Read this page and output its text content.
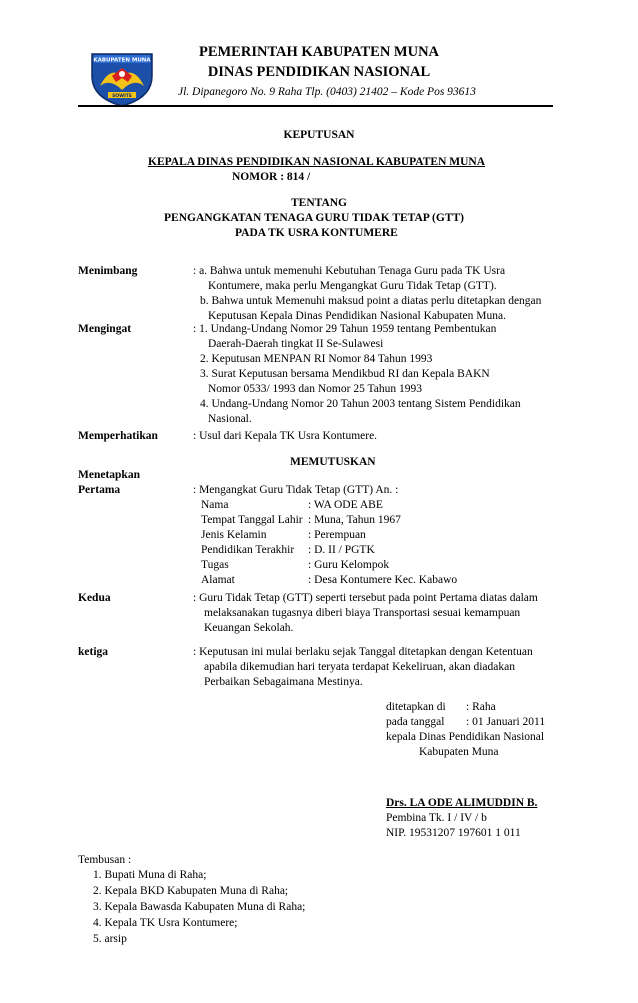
KABUPATEN MUNA
SOWITE
PEMERINTAH KABUPATEN MUNA
DINAS PENDIDIKAN NASIONAL
Jl. Dipanegoro No. 9 Raha Tlp. (0403) 21402 – Kode Pos 93613
KEPUTUSAN
KEPALA DINAS PENDIDIKAN NASIONAL KABUPATEN MUNA
NOMOR : 814 /
TENTANG
PENGANGKATAN TENAGA GURU TIDAK TETAP (GTT)
PADA TK USRA KONTUMERE
Menimbang	: a. Bahwa untuk memenuhi Kebutuhan Tenaga Guru pada TK Usra
Kontumere, maka perlu Mengangkat Guru Tidak Tetap (GTT).
b. Bahwa untuk Memenuhi maksud point a diatas perlu ditetapkan dengan
Keputusan Kepala Dinas Pendidikan Nasional Kabupaten Muna.
Mengingat	: 1. Undang-Undang Nomor 29 Tahun 1959 tentang Pembentukan
Daerah-Daerah tingkat II Se-Sulawesi
2. Keputusan MENPAN RI Nomor 84 Tahun 1993
3. Surat Keputusan bersama Mendikbud RI dan Kepala BAKN
Nomor 0533/ 1993 dan Nomor 25 Tahun 1993
4. Undang-Undang Nomor 20 Tahun 2003 tentang Sistem Pendidikan
Nasional.
Memperhatikan	: Usul dari Kepala TK Usra Kontumere.
MEMUTUSKAN
Menetapkan
Pertama	: Mengangkat Guru Tidak Tetap (GTT) An. :
Nama	: WA ODE ABE
Tempat Tanggal Lahir : Muna, Tahun 1967
Jenis Kelamin	: Perempuan
Pendidikan Terakhir : D. II / PGTK
Tugas	: Guru Kelompok
Alamat	: Desa Kontumere Kec. Kabawo
Kedua	: Guru Tidak Tetap (GTT) seperti tersebut pada point Pertama diatas dalam
melaksanakan tugasnya diberi biaya Transportasi sesuai kemampuan
Keuangan Sekolah.
ketiga	: Keputusan ini mulai berlaku sejak Tanggal ditetapkan dengan Ketentuan
apabila dikemudian hari teryata terdapat Kekeliruan, akan diadakan
Perbaikan Sebagaimana Mestinya.
ditetapkan di : Raha
pada tanggal : 01 Januari 2011
kepala Dinas Pendidikan Nasional
Kabupaten Muna
Drs. LA ODE ALIMUDDIN B.
Pembina Tk. I / IV / b
NIP. 19531207 197601 1 011
Tembusan :
1. Bupati Muna di Raha;
2. Kepala BKD Kabupaten Muna di Raha;
3. Kepala Bawasda Kabupaten Muna di Raha;
4. Kepala TK Usra Kontumere;
5. arsip
